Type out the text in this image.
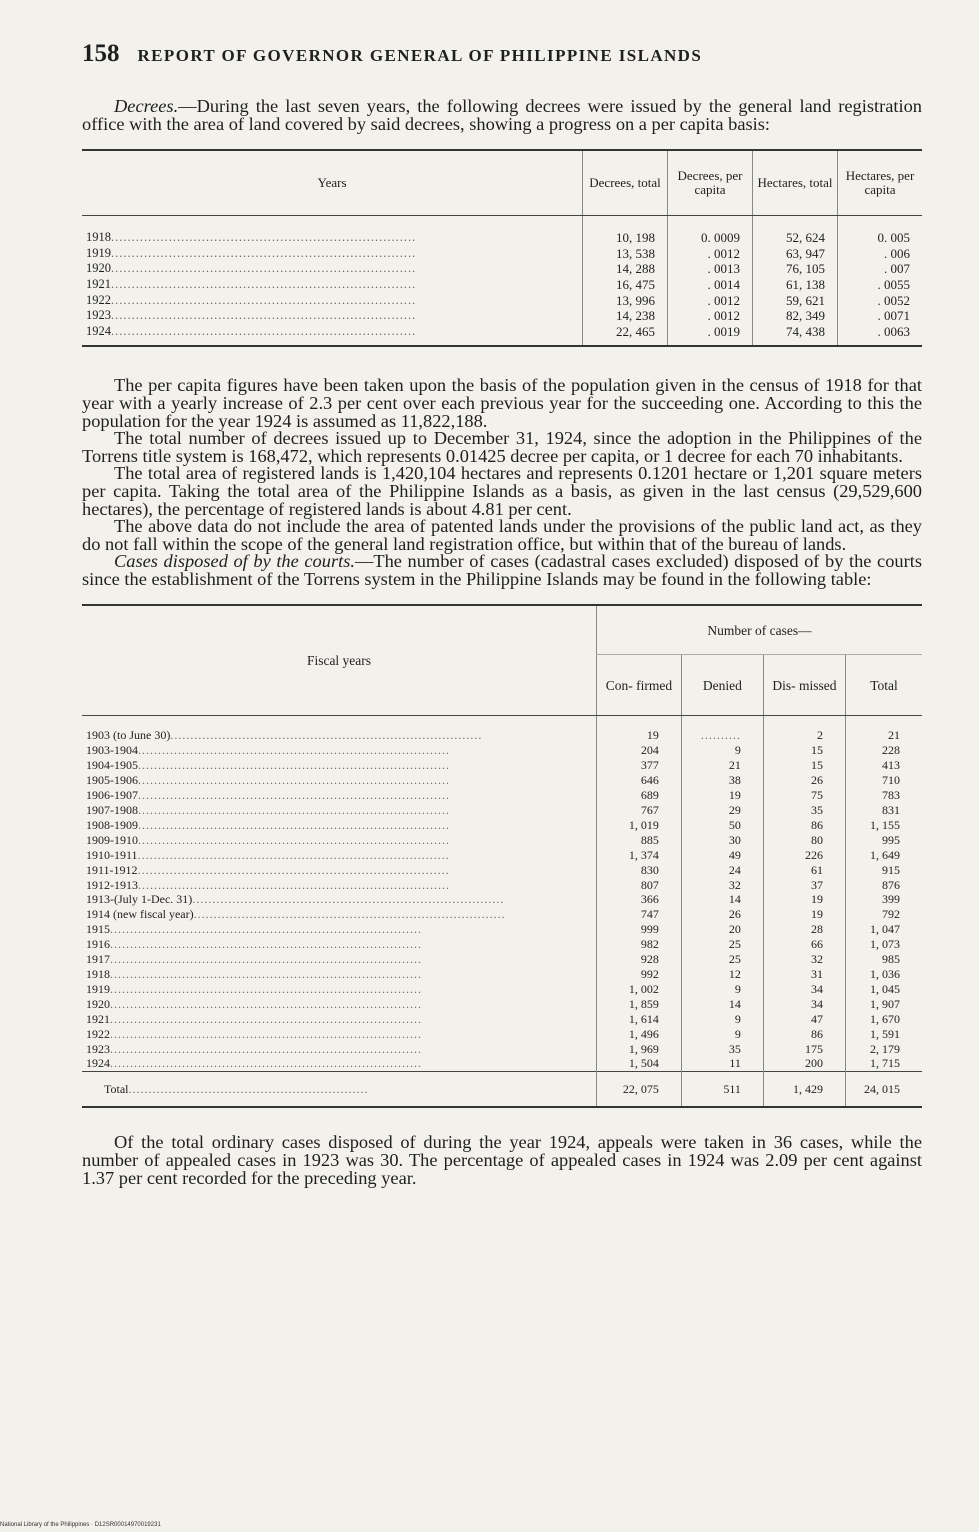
158 REPORT OF GOVERNOR GENERAL OF PHILIPPINE ISLANDS

Decrees.—During the last seven years, the following decrees were issued by the general land registration office with the area of land covered by said decrees, showing a progress on a per capita basis:

Years	Decrees, total	Decrees, per capita	Hectares, total	Hectares, per capita
1918..........................................................................	10, 198	0. 0009	52, 624	0. 005
1919..........................................................................	13, 538	. 0012	63, 947	. 006
1920..........................................................................	14, 288	. 0013	76, 105	. 007
1921..........................................................................	16, 475	. 0014	61, 138	. 0055
1922..........................................................................	13, 996	. 0012	59, 621	. 0052
1923..........................................................................	14, 238	. 0012	82, 349	. 0071
1924..........................................................................	22, 465	. 0019	74, 438	. 0063

The per capita figures have been taken upon the basis of the population given in the census of 1918 for that year with a yearly increase of 2.3 per cent over each previous year for the succeeding one. According to this the population for the year 1924 is assumed as 11,822,188.

The total number of decrees issued up to December 31, 1924, since the adoption in the Philippines of the Torrens title system is 168,472, which represents 0.01425 decree per capita, or 1 decree for each 70 inhabitants.

The total area of registered lands is 1,420,104 hectares and represents 0.1201 hectare or 1,201 square meters per capita. Taking the total area of the Philippine Islands as a basis, as given in the last census (29,529,600 hectares), the percentage of registered lands is about 4.81 per cent.

The above data do not include the area of patented lands under the provisions of the public land act, as they do not fall within the scope of the general land registration office, but within that of the bureau of lands.

Cases disposed of by the courts.—The number of cases (cadastral cases excluded) disposed of by the courts since the establishment of the Torrens system in the Philippine Islands may be found in the following table:

Fiscal years	Number of cases—			
	Con- firmed	Denied	Dis- missed	Total
1903 (to June 30)..............................................................................	19	..........	2	21
1903-1904..............................................................................	204	9	15	228
1904-1905..............................................................................	377	21	15	413
1905-1906..............................................................................	646	38	26	710
1906-1907..............................................................................	689	19	75	783
1907-1908..............................................................................	767	29	35	831
1908-1909..............................................................................	1, 019	50	86	1, 155
1909-1910..............................................................................	885	30	80	995
1910-1911..............................................................................	1, 374	49	226	1, 649
1911-1912..............................................................................	830	24	61	915
1912-1913..............................................................................	807	32	37	876
1913-(July 1-Dec. 31)..............................................................................	366	14	19	399
1914 (new fiscal year)..............................................................................	747	26	19	792
1915..............................................................................	999	20	28	1, 047
1916..............................................................................	982	25	66	1, 073
1917..............................................................................	928	25	32	985
1918..............................................................................	992	12	31	1, 036
1919..............................................................................	1, 002	9	34	1, 045
1920..............................................................................	1, 859	14	34	1, 907
1921..............................................................................	1, 614	9	47	1, 670
1922..............................................................................	1, 496	9	86	1, 591
1923..............................................................................	1, 969	35	175	2, 179
1924..............................................................................	1, 504	11	200	1, 715
Total............................................................	22, 075	511	1, 429	24, 015

Of the total ordinary cases disposed of during the year 1924, appeals were taken in 36 cases, while the number of appealed cases in 1923 was 30. The percentage of appealed cases in 1924 was 2.09 per cent against 1.37 per cent recorded for the preceding year.

National Library of the Philippines · D12SR00014970019231
